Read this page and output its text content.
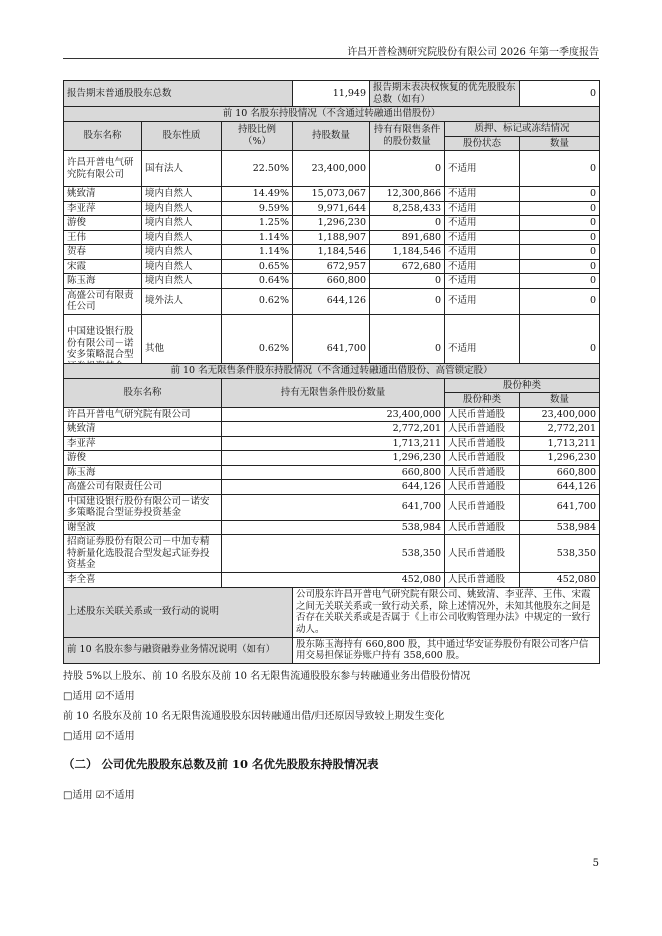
许昌开普检测研究院股份有限公司 2026 年第一季度报告
报告期末普通股股东总数			11,949	报告期末表决权恢复的优先股股东总数（如有）		0
前 10 名股东持股情况（不含通过转融通出借股份）						
股东名称	股东性质	持股比例
（%）	持股数量	持有有限售条件的股份数量	质押、标记或冻结情况	
					股份状态	数量
许昌开普电气研究院有限公司	国有法人	22.50%	23,400,000	0	不适用	0
姚致清	境内自然人	14.49%	15,073,067	12,300,866	不适用	0
李亚萍	境内自然人	9.59%	9,971,644	8,258,433	不适用	0
游俊	境内自然人	1.25%	1,296,230	0	不适用	0
王伟	境内自然人	1.14%	1,188,907	891,680	不适用	0
贺春	境内自然人	1.14%	1,184,546	1,184,546	不适用	0
宋霞	境内自然人	0.65%	672,957	672,680	不适用	0
陈玉海	境内自然人	0.64%	660,800	0	不适用	0
高盛公司有限责任公司	境外法人	0.62%	644,126	0	不适用	0
中国建设银行股份有限公司－诺安多策略混合型	其他	0.62%	641,700	0	不适用	0
前 10 名无限售条件股东持股情况（不含通过转融通出借股份、高管锁定股）				
股东名称	持有无限售条件股份数量		股份种类	
			股份种类	数量
许昌开普电气研究院有限公司	23,400,000		人民币普通股	23,400,000
姚致清	2,772,201		人民币普通股	2,772,201
李亚萍	1,713,211		人民币普通股	1,713,211
游俊	1,296,230		人民币普通股	1,296,230
陈玉海	660,800		人民币普通股	660,800
高盛公司有限责任公司	644,126		人民币普通股	644,126
中国建设银行股份有限公司－诺安多策略混合型证券投资基金	641,700		人民币普通股	641,700
谢坚波	538,984		人民币普通股	538,984
招商证券股份有限公司－中加专精特新量化选股混合型发起式证券投资基金	538,350		人民币普通股	538,350
李全喜	452,080		人民币普通股	452,080
上述股东关联关系或一致行动的说明		公司股东许昌开普电气研究院有限公司、姚致清、李亚萍、王伟、宋霞之间无关联关系或一致行动关系，除上述情况外，未知其他股东之间是否存在关联关系或是否属于《上市公司收购管理办法》中规定的一致行动人。		
前 10 名股东参与融资融券业务情况说明（如有）		股东陈玉海持有 660,800 股，其中通过华安证券股份有限公司客户信用交易担保证券账户持有 358,600 股。		
持股 5%以上股东、前 10 名股东及前 10 名无限售流通股股东参与转融通业务出借股份情况
□适用 ☑不适用
前 10 名股东及前 10 名无限售流通股股东因转融通出借/归还原因导致较上期发生变化
□适用 ☑不适用
（二） 公司优先股股东总数及前 10 名优先股股东持股情况表
□适用 ☑不适用
5
